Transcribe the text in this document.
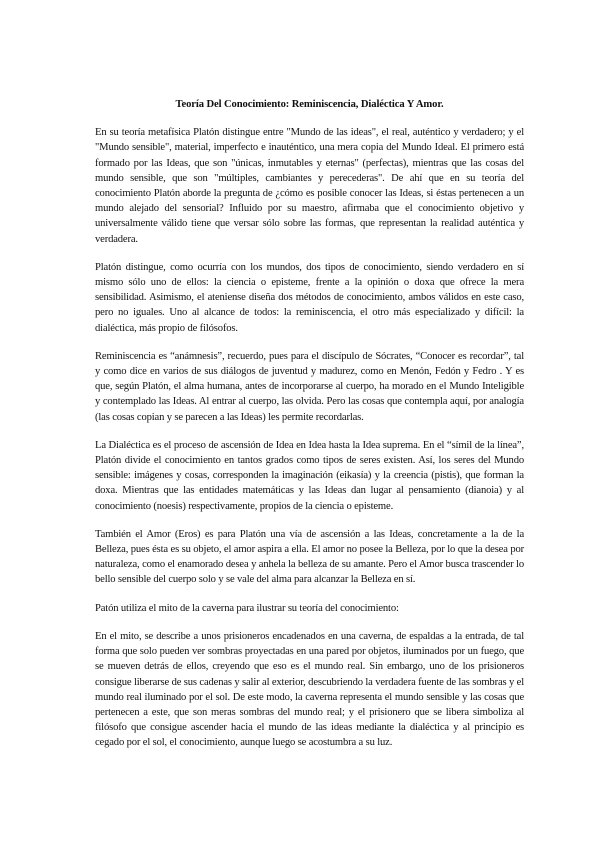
Teoría Del Conocimiento: Reminiscencia, Dialéctica Y Amor.

En su teoría metafísica Platón distingue entre "Mundo de las ideas", el real, auténtico y verdadero; y el "Mundo sensible", material, imperfecto e inauténtico, una mera copia del Mundo Ideal. El primero está formado por las Ideas, que son "únicas, inmutables y eternas" (perfectas), mientras que las cosas del mundo sensible, que son "múltiples, cambiantes y perecederas". De ahí que en su teoría del conocimiento Platón aborde la pregunta de ¿cómo es posible conocer las Ideas, si éstas pertenecen a un mundo alejado del sensorial? Influido por su maestro, afirmaba que el conocimiento objetivo y universalmente válido tiene que versar sólo sobre las formas, que representan la realidad auténtica y verdadera.

Platón distingue, como ocurría con los mundos, dos tipos de conocimiento, siendo verdadero en sí mismo sólo uno de ellos: la ciencia o episteme, frente a la opinión o doxa que ofrece la mera sensibilidad. Asimismo, el ateniense diseña dos métodos de conocimiento, ambos válidos en este caso, pero no iguales. Uno al alcance de todos: la reminiscencia, el otro más especializado y difícil: la dialéctica, más propio de filósofos.

Reminiscencia es “anámnesis”, recuerdo, pues para el discípulo de Sócrates, “Conocer es recordar”, tal y como dice en varios de sus diálogos de juventud y madurez, como en Menón, Fedón y Fedro . Y es que, según Platón, el alma humana, antes de incorporarse al cuerpo, ha morado en el Mundo Inteligible y contemplado las Ideas. Al entrar al cuerpo, las olvida. Pero las cosas que contempla aquí, por analogía (las cosas copian y se parecen a las Ideas) les permite recordarlas.

La Dialéctica es el proceso de ascensión de Idea en Idea hasta la Idea suprema. En el “símil de la línea”, Platón divide el conocimiento en tantos grados como tipos de seres existen. Así, los seres del Mundo sensible: imágenes y cosas, corresponden la imaginación (eikasía) y la creencia (pistis), que forman la doxa. Mientras que las entidades matemáticas y las Ideas dan lugar al pensamiento (dianoia) y al conocimiento (noesis) respectivamente, propios de la ciencia o episteme.

También el Amor (Eros) es para Platón una vía de ascensión a las Ideas, concretamente a la de la Belleza, pues ésta es su objeto, el amor aspira a ella. El amor no posee la Belleza, por lo que la desea por naturaleza, como el enamorado desea y anhela la belleza de su amante. Pero el Amor busca trascender lo bello sensible del cuerpo solo y se vale del alma para alcanzar la Belleza en sí.

Patón utiliza el mito de la caverna para ilustrar su teoría del conocimiento:

En el mito, se describe a unos prisioneros encadenados en una caverna, de espaldas a la entrada, de tal forma que solo pueden ver sombras proyectadas en una pared por objetos, iluminados por un fuego, que se mueven detrás de ellos, creyendo que eso es el mundo real. Sin embargo, uno de los prisioneros consigue liberarse de sus cadenas y salir al exterior, descubriendo la verdadera fuente de las sombras y el mundo real iluminado por el sol. De este modo, la caverna representa el mundo sensible y las cosas que pertenecen a este, que son meras sombras del mundo real; y el prisionero que se libera simboliza al filósofo que consigue ascender hacia el mundo de las ideas mediante la dialéctica y al principio es cegado por el sol, el conocimiento, aunque luego se acostumbra a su luz.
